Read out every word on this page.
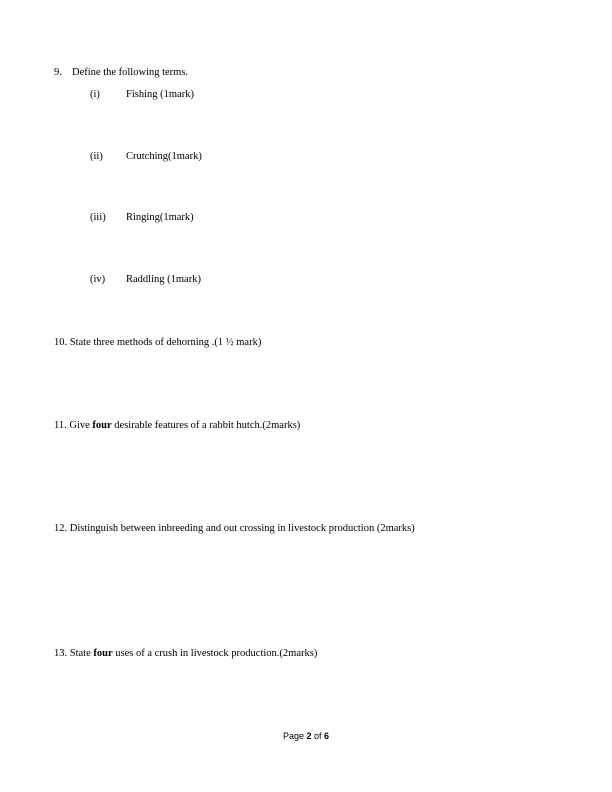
9. Define the following terms.
(i) Fishing (1mark)
(ii) Crutching(1mark)
(iii) Ringing(1mark)
(iv) Raddling (1mark)
10. State three methods of dehorning .(1 ½ mark)
11. Give four desirable features of a rabbit hutch.(2marks)
12. Distinguish between inbreeding and out crossing in livestock production (2marks)
13. State four uses of a crush in livestock production.(2marks)
Page 2 of 6
